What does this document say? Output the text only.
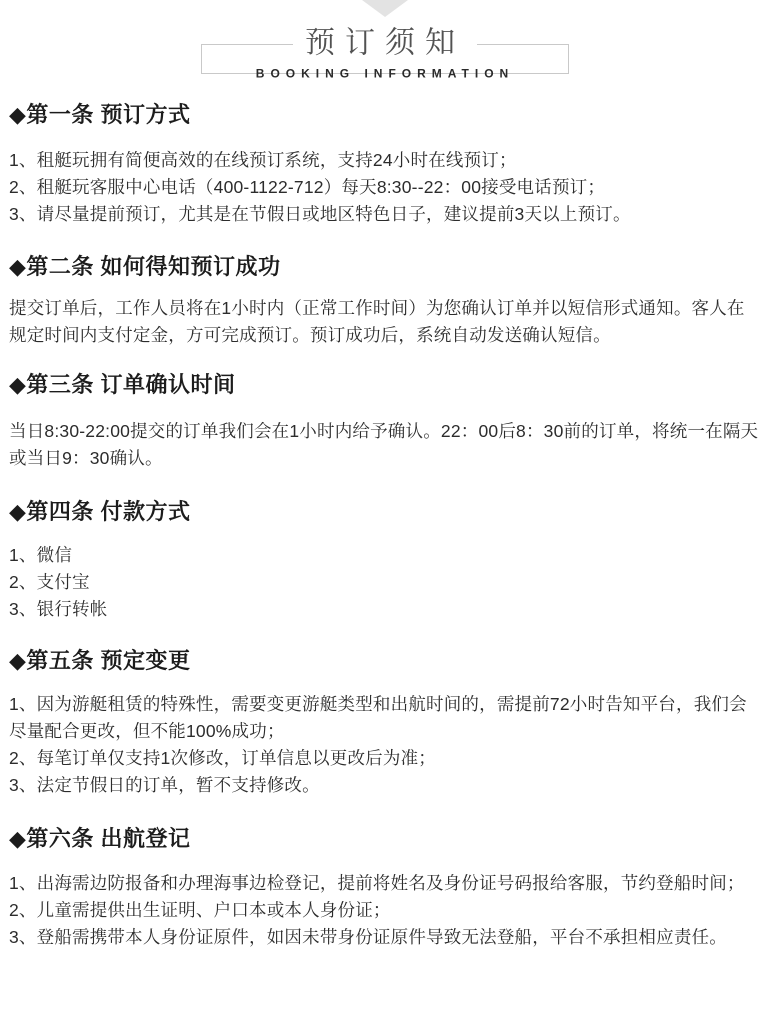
预订须知
BOOKING INFORMATION
◆第一条 预订方式
1、租艇玩拥有简便高效的在线预订系统，支持24小时在线预订；
2、租艇玩客服中心电话（400-1122-712）每天8:30--22：00接受电话预订；
3、请尽量提前预订，尤其是在节假日或地区特色日子，建议提前3天以上预订。
◆第二条 如何得知预订成功

提交订单后，工作人员将在1小时内（正常工作时间）为您确认订单并以短信形式通知。客人在规定时间内支付定金，方可完成预订。预订成功后，系统自动发送确认短信。

◆第三条 订单确认时间

当日8:30-22:00提交的订单我们会在1小时内给予确认。22：00后8：30前的订单，将统一在隔天或当日9：30确认。

◆第四条 付款方式
1、微信
2、支付宝
3、银行转帐
◆第五条 预定变更
1、因为游艇租赁的特殊性，需要变更游艇类型和出航时间的，需提前72小时告知平台，我们会尽量配合更改，但不能100%成功；
2、每笔订单仅支持1次修改，订单信息以更改后为准；
3、法定节假日的订单，暂不支持修改。
◆第六条 出航登记
1、出海需边防报备和办理海事边检登记，提前将姓名及身份证号码报给客服，节约登船时间；
2、儿童需提供出生证明、户口本或本人身份证；
3、登船需携带本人身份证原件，如因未带身份证原件导致无法登船，平台不承担相应责任。
